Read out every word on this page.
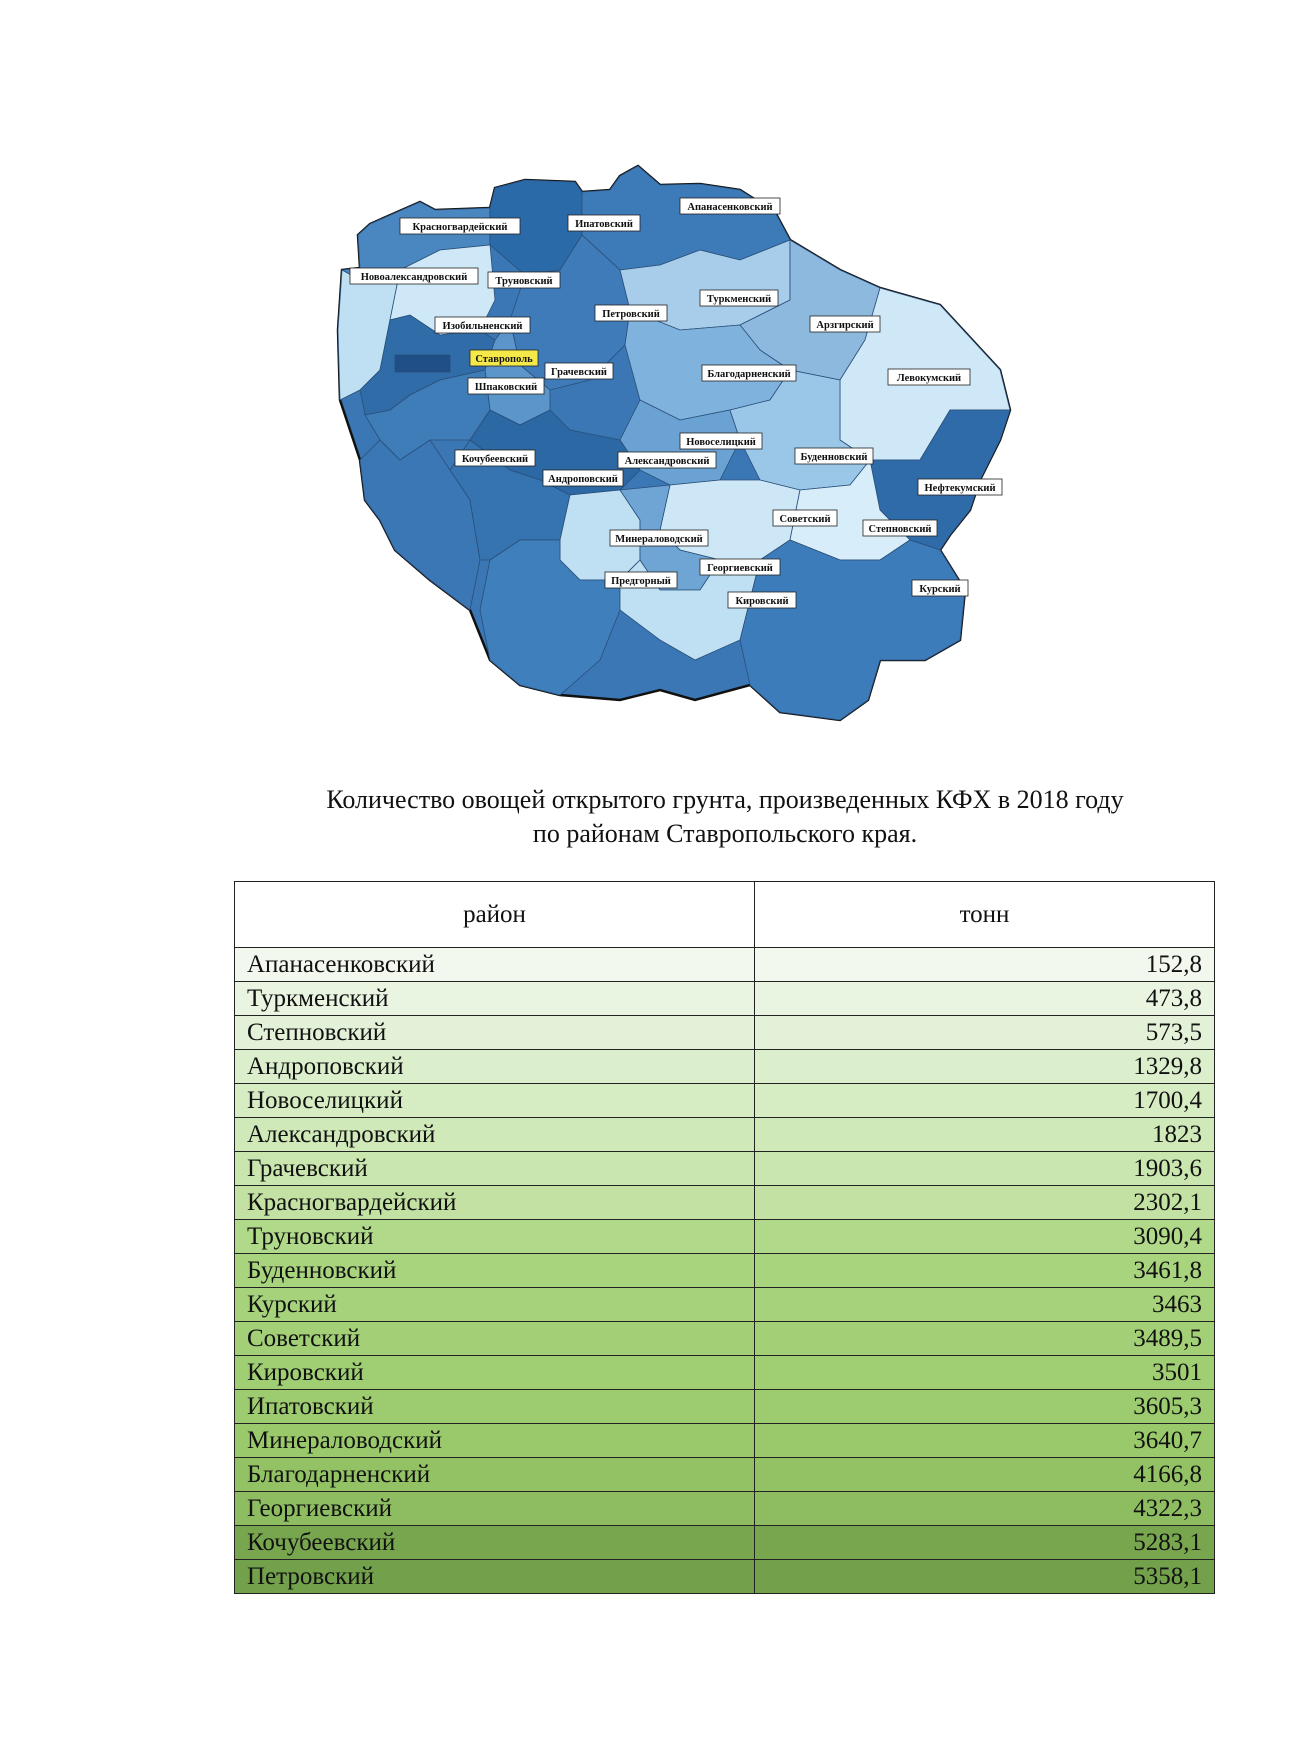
Красногвардейский	Ипатовский
Апанасенковский
Новоалександровский	Труновский
Петровский
Туркменский
Арзгирский
Изобильненский
Ставрополь
Грачевский
Шпаковский
Благодарненский	Левокумский
Новоселицкий
Буденновский
Кочубеевский	Александровский
Андроповский
Нефтекумский
Минераловодский
Советский
Степновский
Георгиевский
Предгорный
Кировский
Курский
Количество овощей открытого грунта, произведенных КФХ в 2018 году
по районам Ставропольского края.
район	тонн
Апанасенковский	152,8
Туркменский	473,8
Степновский	573,5
Андроповский	1329,8
Новоселицкий	1700,4
Александровский	1823
Грачевский	1903,6
Красногвардейский	2302,1
Труновский	3090,4
Буденновский	3461,8
Курский	3463
Советский	3489,5
Кировский	3501
Ипатовский	3605,3
Минераловодский	3640,7
Благодарненский	4166,8
Георгиевский	4322,3
Кочубеевский	5283,1
Петровский	5358,1
